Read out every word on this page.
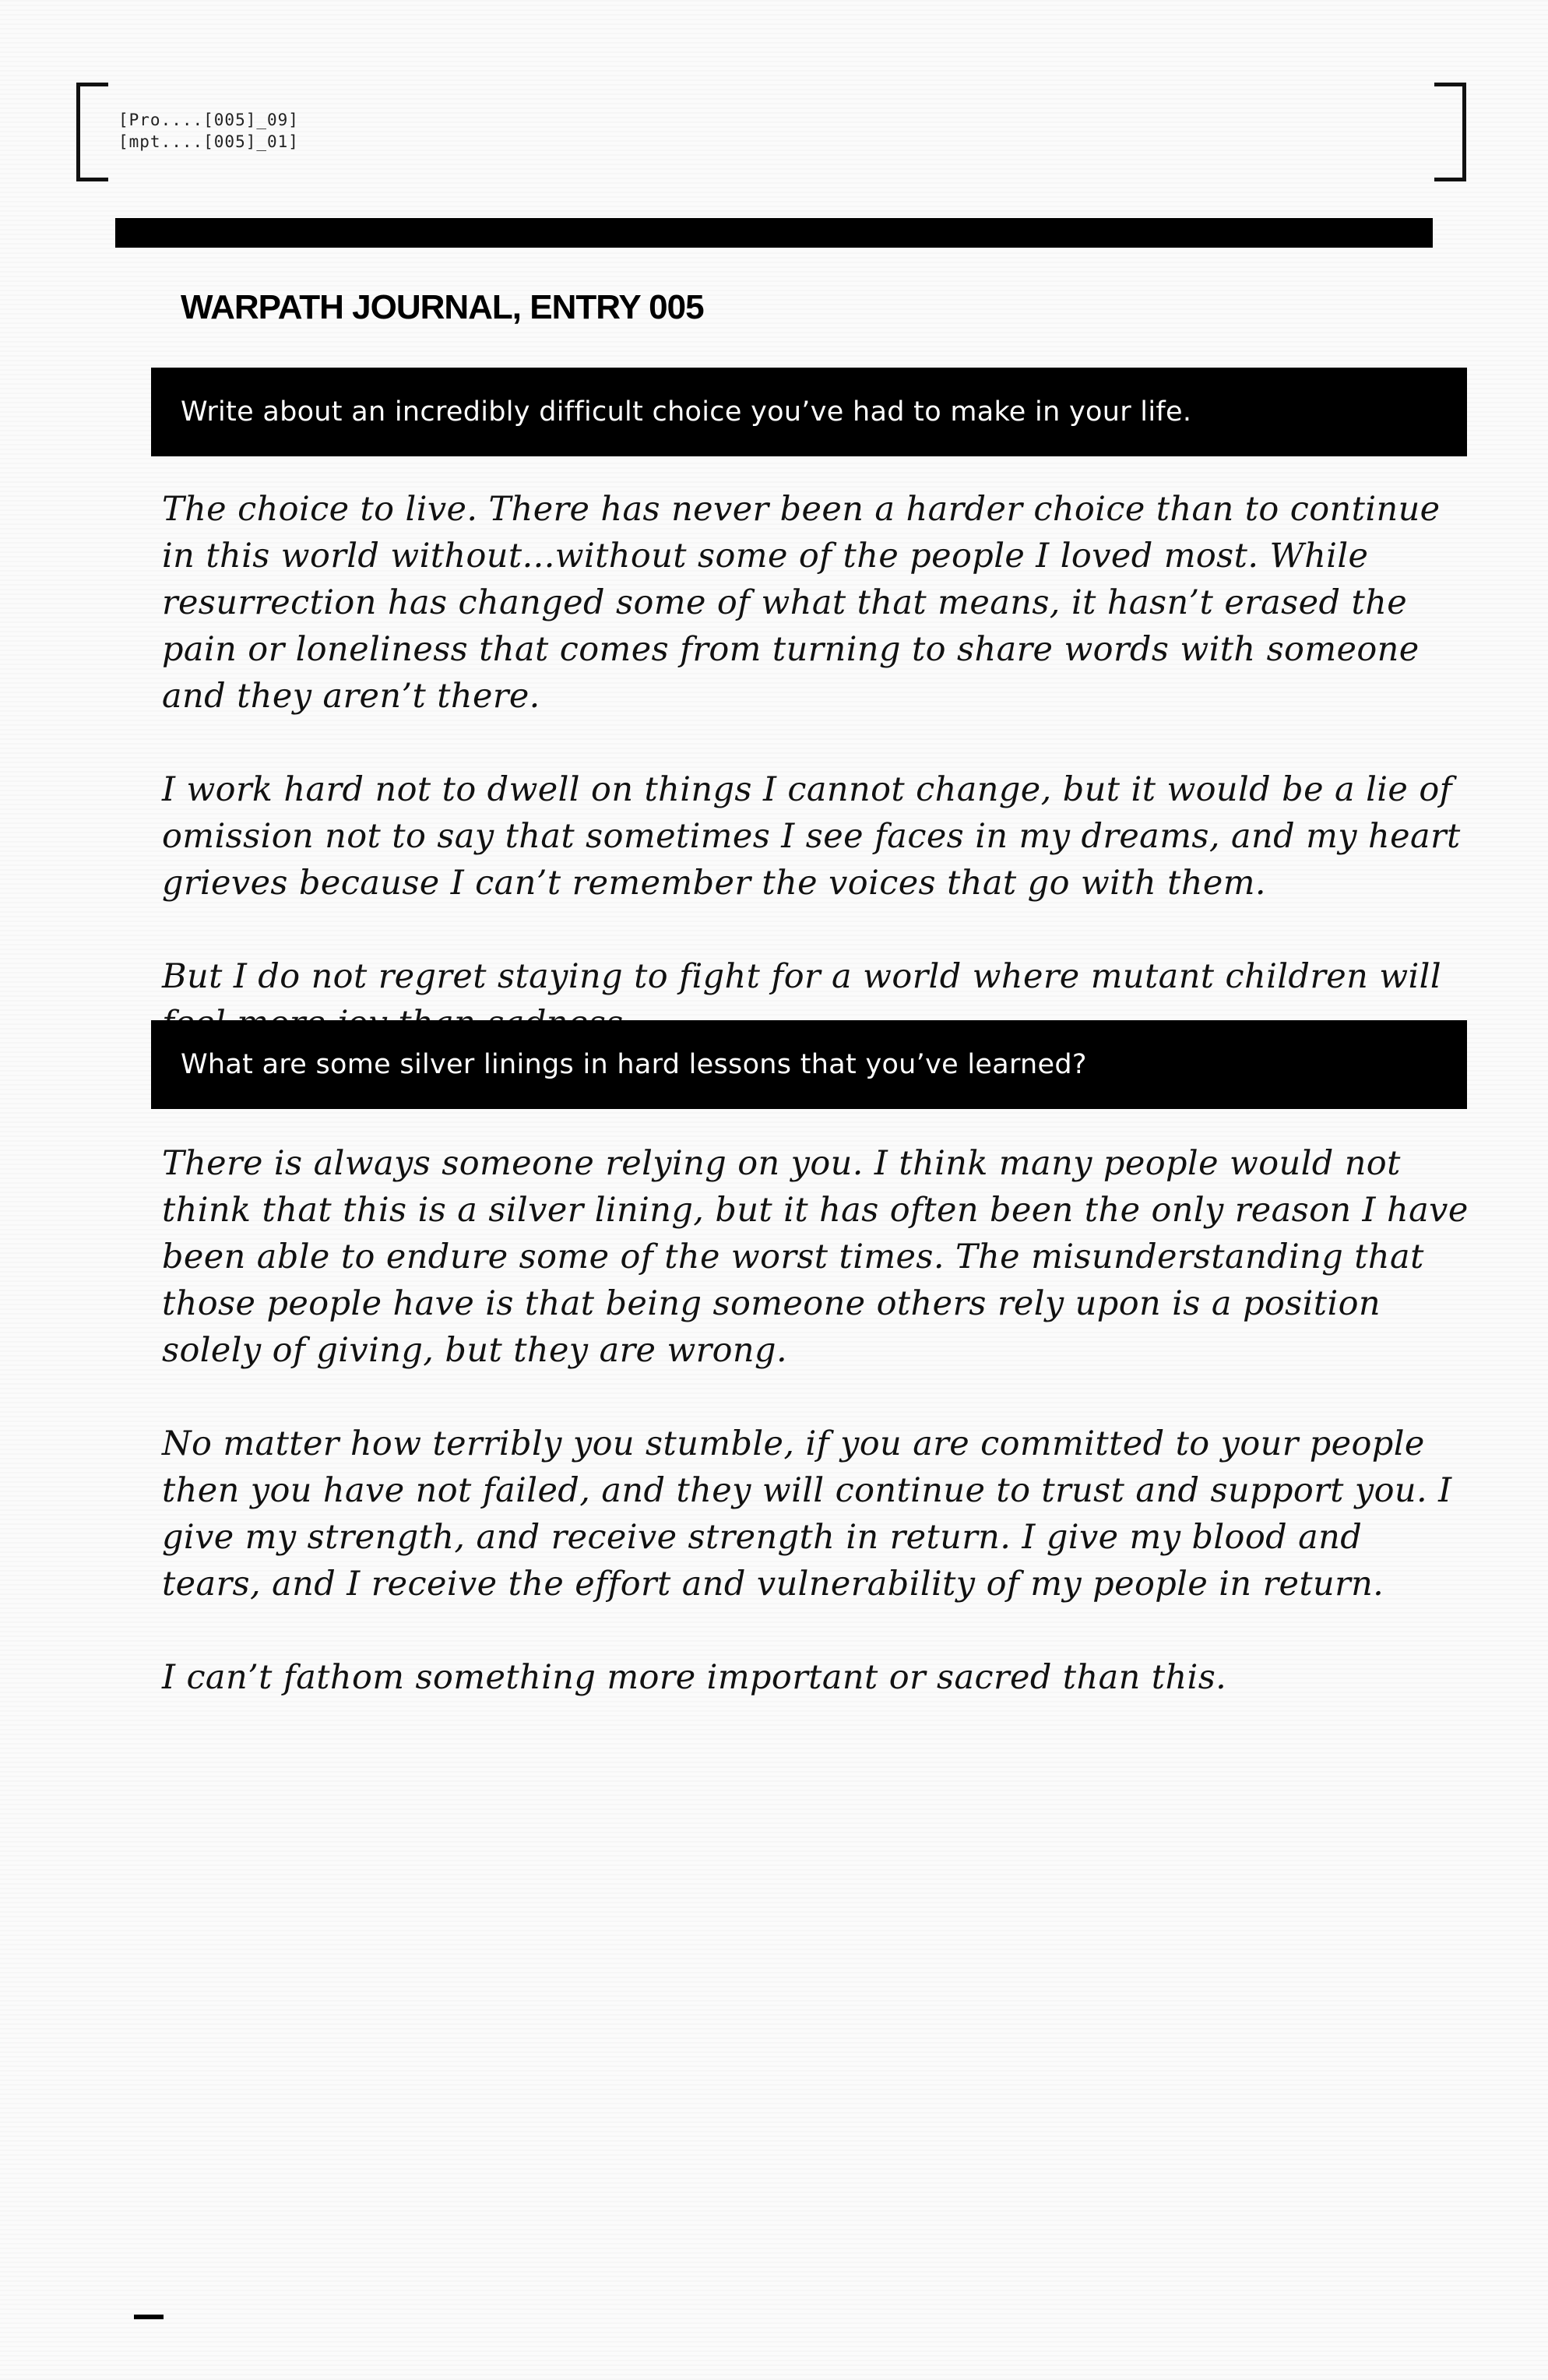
[Pro....[005]_09]
[mpt....[005]_01]
WARPATH JOURNAL, ENTRY 005
Write about an incredibly difficult choice you’ve had to make in your life.

The choice to live. There has never been a harder choice than to continue in this world without...without some of the people I loved most. While resurrection has changed some of what that means, it hasn’t erased the pain or loneliness that comes from turning to share words with someone and they aren’t there.

I work hard not to dwell on things I cannot change, but it would be a lie of omission not to say that sometimes I see faces in my dreams, and my heart grieves because I can’t remember the voices that go with them.

But I do not regret staying to fight for a world where mutant children will

What are some silver linings in hard lessons that you’ve learned?

There is always someone relying on you. I think many people would not think that this is a silver lining, but it has often been the only reason I have been able to endure some of the worst times. The misunderstanding that those people have is that being someone others rely upon is a position solely of giving, but they are wrong.

No matter how terribly you stumble, if you are committed to your people then you have not failed, and they will continue to trust and support you. I give my strength, and receive strength in return. I give my blood and tears, and I receive the effort and vulnerability of my people in return.

I can’t fathom something more important or sacred than this.
